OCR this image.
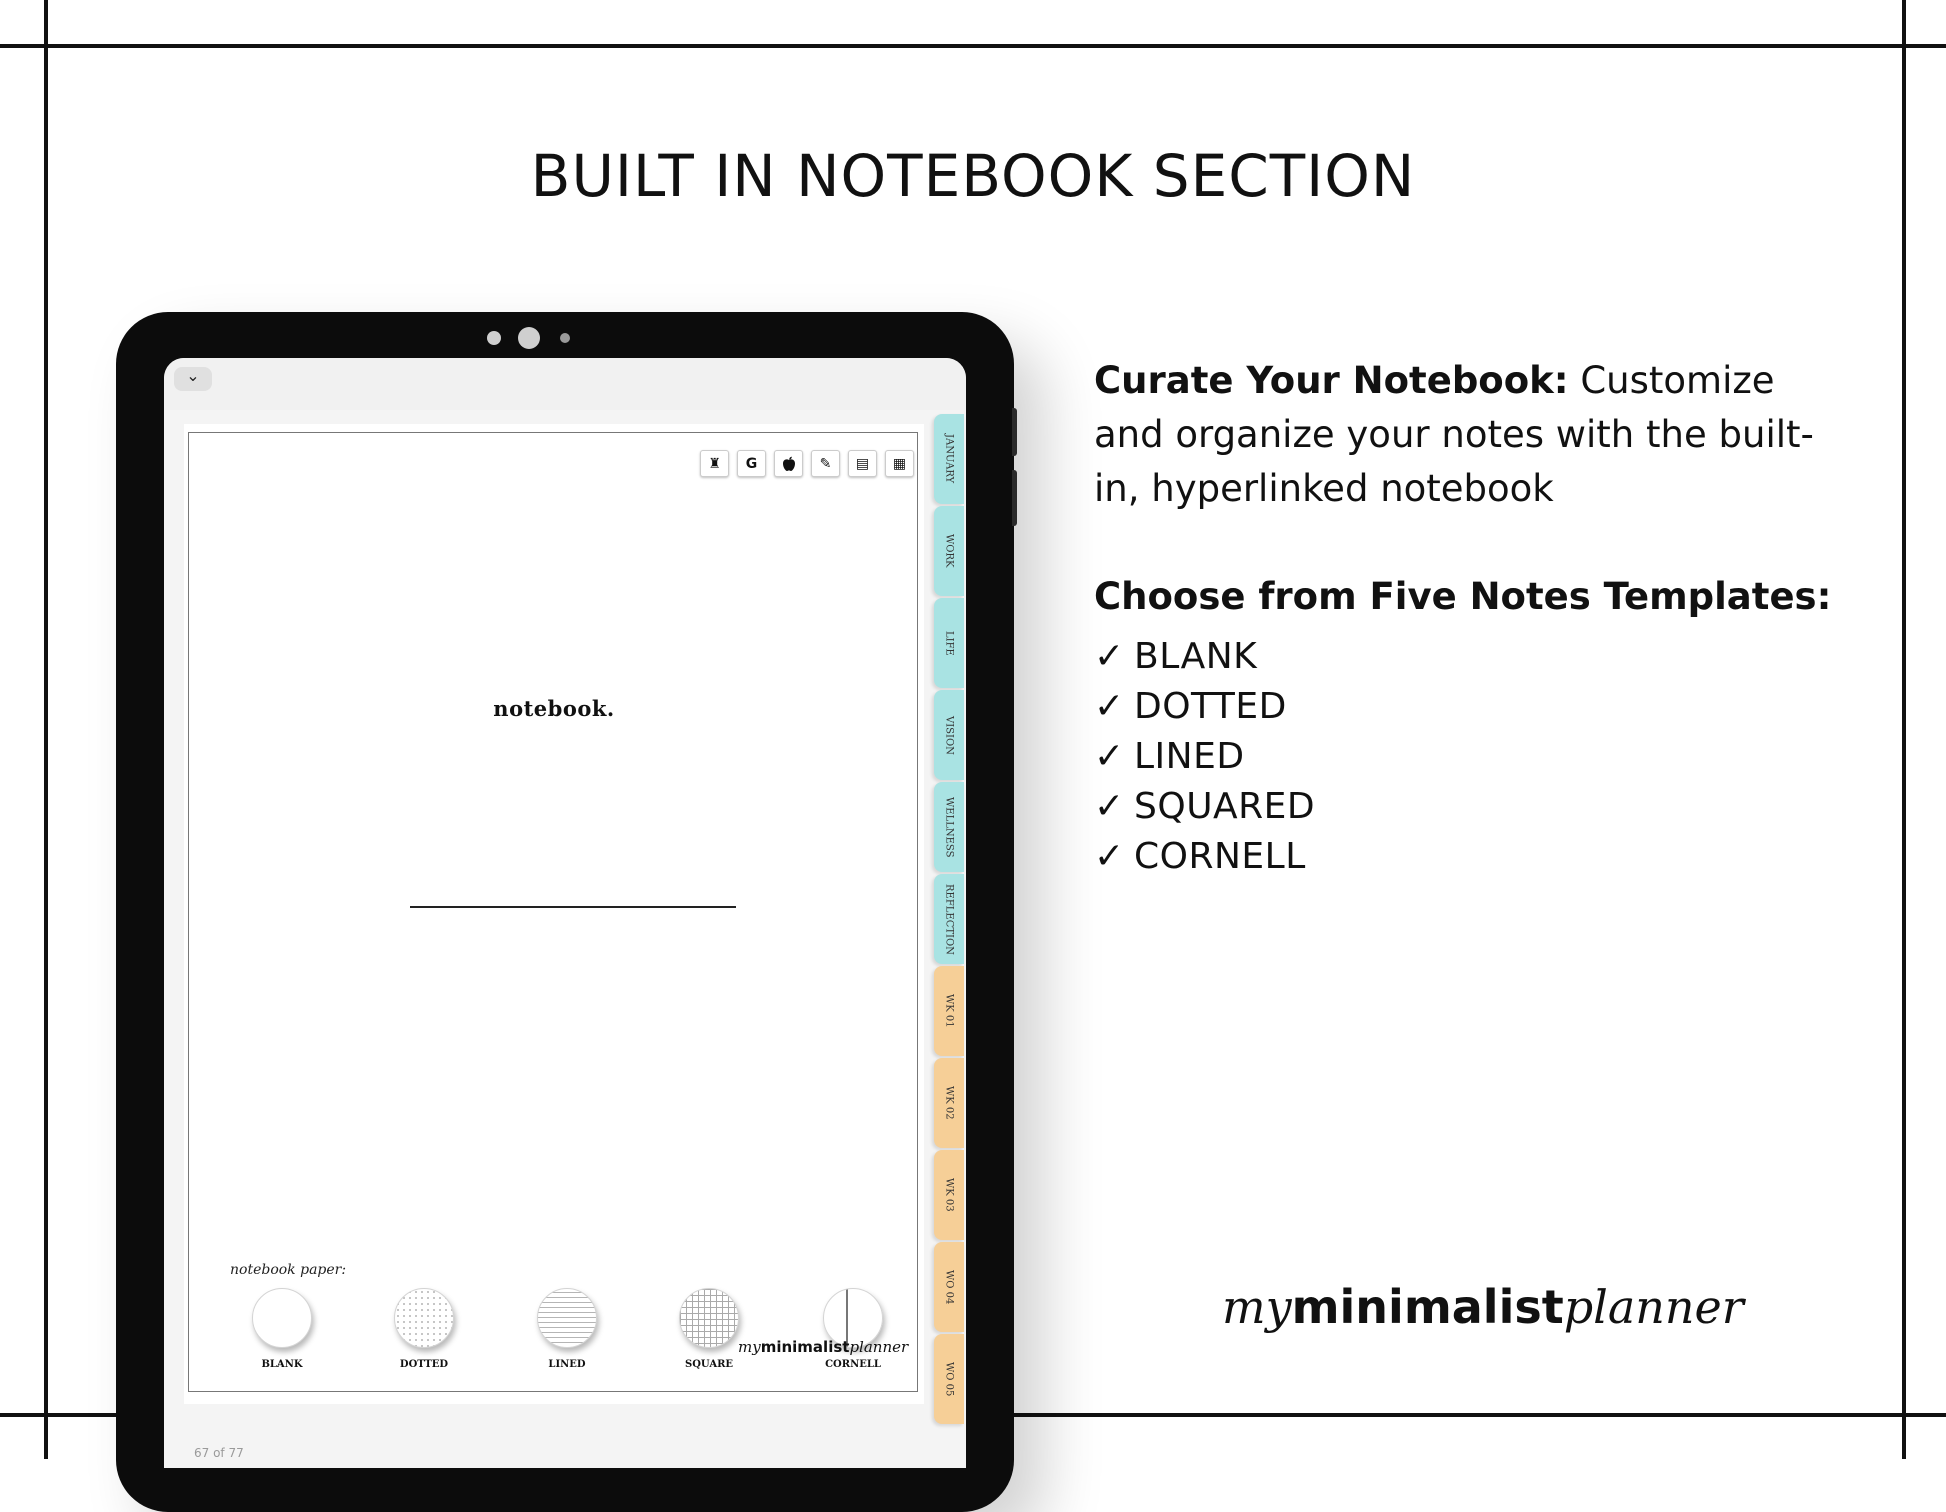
BUILT IN NOTEBOOK SECTION
⌄
♜	G	✎	▤	▦
notebook.
notebook paper:
BLANK	DOTTED	LINED	SQUARE	CORNELL
myminimalistplanner
67 of 77
JANUARY
WORK
LIFE
VISION
WELLNESS
REFLECTION
WK 01
WK 02
WK 03
WO 04
WO 05

Curate Your Notebook: Customize and organize your notes with the built-in, hyperlinked notebook

Choose from Five Notes Templates:

✓ BLANK
✓ DOTTED
✓ LINED
✓ SQUARED
✓ CORNELL
myminimalistplanner
